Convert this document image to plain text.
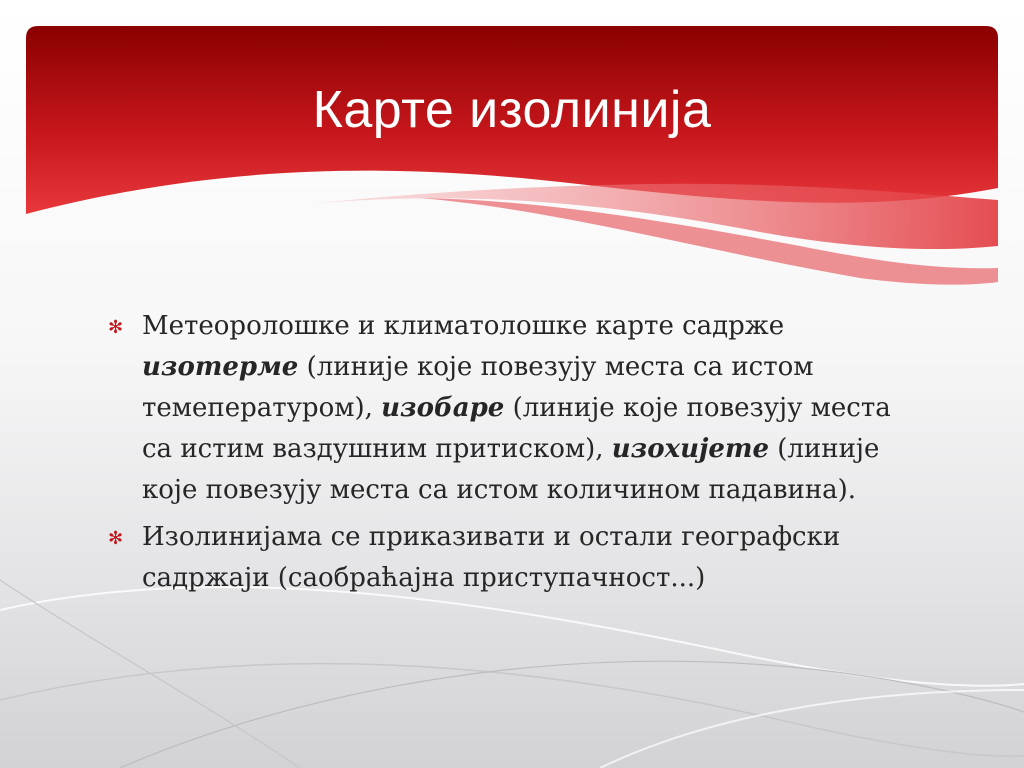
Карте изолинија
✻ Метеоролошке и климатолошке карте садрже изотерме (линије које повезују места са истом темепературом), изобаре (линије које повезују места са истим ваздушним притиском), изохијете (линије које повезују места са истом количином падавина).
✻ Изолинијама се приказивати и остали географски садржаји (саобраћајна приступачност...)
